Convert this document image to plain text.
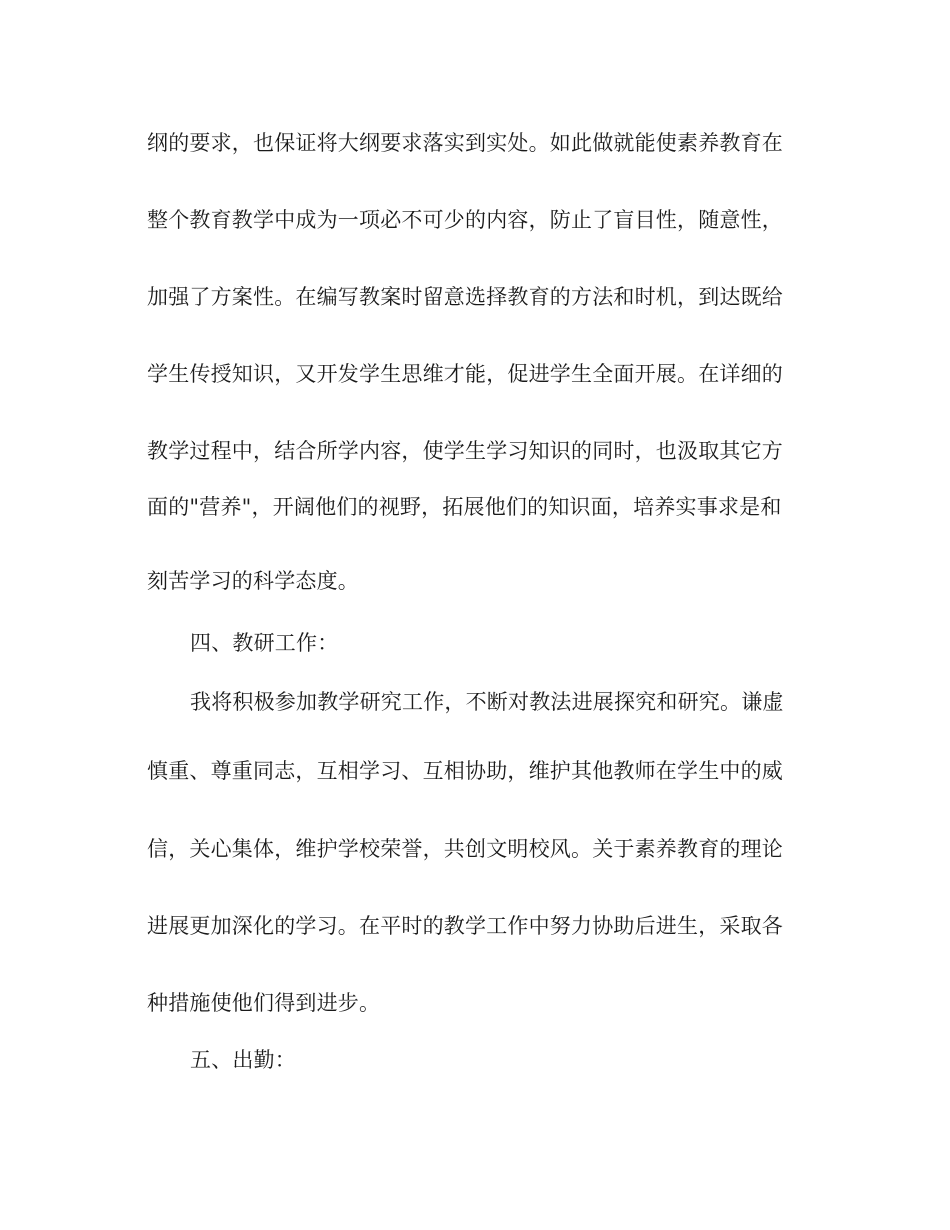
纲的要求，也保证将大纲要求落实到实处。如此做就能使素养教育在
整个教育教学中成为一项必不可少的内容，防止了盲目性，随意性，
加强了方案性。在编写教案时留意选择教育的方法和时机，到达既给
学生传授知识，又开发学生思维才能，促进学生全面开展。在详细的
教学过程中，结合所学内容，使学生学习知识的同时，也汲取其它方
面的"营养"，开阔他们的视野，拓展他们的知识面，培养实事求是和
刻苦学习的科学态度。
四、教研工作：
我将积极参加教学研究工作，不断对教法进展探究和研究。谦虚
慎重、尊重同志，互相学习、互相协助，维护其他教师在学生中的威
信，关心集体，维护学校荣誉，共创文明校风。关于素养教育的理论
进展更加深化的学习。在平时的教学工作中努力协助后进生，采取各
种措施使他们得到进步。
五、出勤：
